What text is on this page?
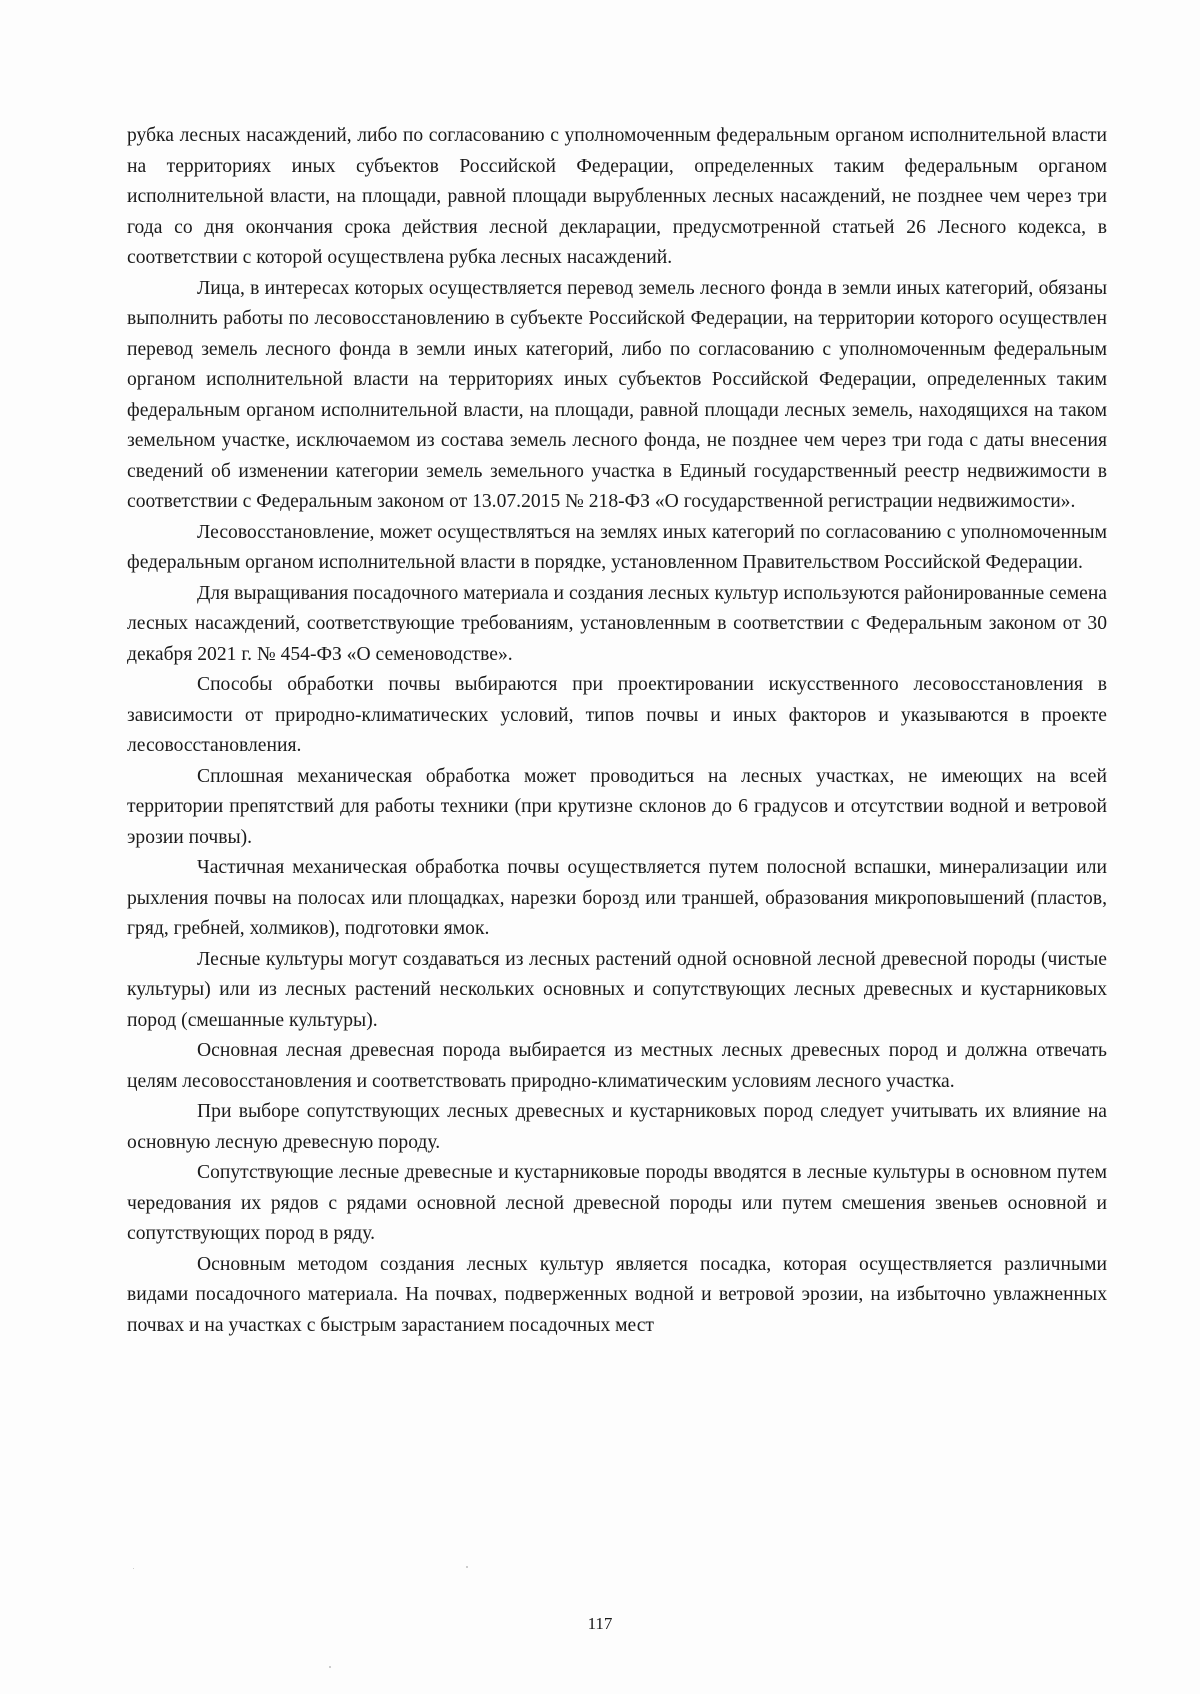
рубка лесных насаждений, либо по согласованию с уполномоченным федеральным органом исполнительной власти на территориях иных субъектов Российской Федерации, определенных таким федеральным органом исполнительной власти, на площади, равной площади вырубленных лесных насаждений, не позднее чем через три года со дня окончания срока действия лесной декларации, предусмотренной статьей 26 Лесного кодекса, в соответствии с которой осуществлена рубка лесных насаждений.

Лица, в интересах которых осуществляется перевод земель лесного фонда в земли иных категорий, обязаны выполнить работы по лесовосстановлению в субъекте Российской Федерации, на территории которого осуществлен перевод земель лесного фонда в земли иных категорий, либо по согласованию с уполномоченным федеральным органом исполнительной власти на территориях иных субъектов Российской Федерации, определенных таким федеральным органом исполнительной власти, на площади, равной площади лесных земель, находящихся на таком земельном участке, исключаемом из состава земель лесного фонда, не позднее чем через три года с даты внесения сведений об изменении категории земель земельного участка в Единый государственный реестр недвижимости в соответствии с Федеральным законом от 13.07.2015 № 218-ФЗ «О государственной регистрации недвижимости».

Лесовосстановление, может осуществляться на землях иных категорий по согласованию с уполномоченным федеральным органом исполнительной власти в порядке, установленном Правительством Российской Федерации.

Для выращивания посадочного материала и создания лесных культур используются районированные семена лесных насаждений, соответствующие требованиям, установленным в соответствии с Федеральным законом от 30 декабря 2021 г. № 454-ФЗ «О семеноводстве».

Способы обработки почвы выбираются при проектировании искусственного лесовосстановления в зависимости от природно-климатических условий, типов почвы и иных факторов и указываются в проекте лесовосстановления.

Сплошная механическая обработка может проводиться на лесных участках, не имеющих на всей территории препятствий для работы техники (при крутизне склонов до 6 градусов и отсутствии водной и ветровой эрозии почвы).

Частичная механическая обработка почвы осуществляется путем полосной вспашки, минерализации или рыхления почвы на полосах или площадках, нарезки борозд или траншей, образования микроповышений (пластов, гряд, гребней, холмиков), подготовки ямок.

Лесные культуры могут создаваться из лесных растений одной основной лесной древесной породы (чистые культуры) или из лесных растений нескольких основных и сопутствующих лесных древесных и кустарниковых пород (смешанные культуры).

Основная лесная древесная порода выбирается из местных лесных древесных пород и должна отвечать целям лесовосстановления и соответствовать природно-климатическим условиям лесного участка.

При выборе сопутствующих лесных древесных и кустарниковых пород следует учитывать их влияние на основную лесную древесную породу.

Сопутствующие лесные древесные и кустарниковые породы вводятся в лесные культуры в основном путем чередования их рядов с рядами основной лесной древесной породы или путем смешения звеньев основной и сопутствующих пород в ряду.

Основным методом создания лесных культур является посадка, которая осуществляется различными видами посадочного материала. На почвах, подверженных водной и ветровой эрозии, на избыточно увлажненных почвах и на участках с быстрым зарастанием посадочных мест

117
